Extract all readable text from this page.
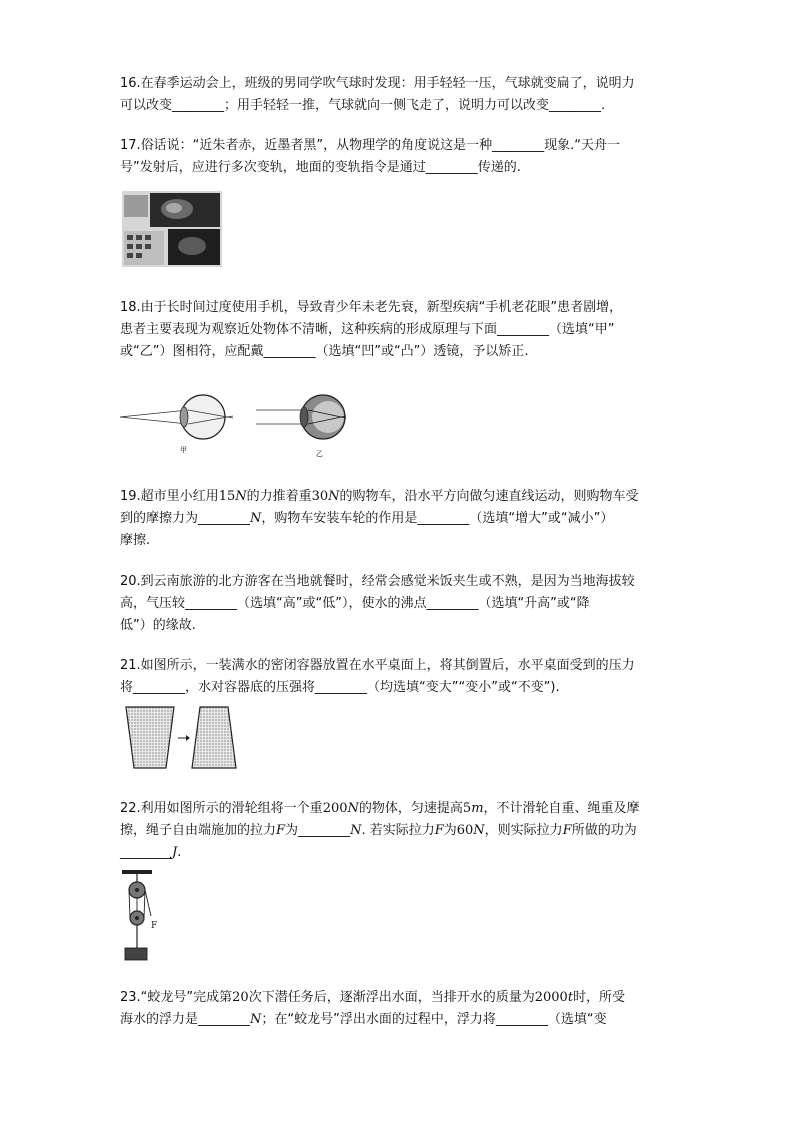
16.在春季运动会上，班级的男同学吹气球时发现：用手轻轻一压，气球就变扁了，说明力

可以改变________；用手轻轻一推，气球就向一侧飞走了，说明力可以改变________.

17.俗话说：“近朱者赤，近墨者黑”，从物理学的角度说这是一种________现象.“天舟一

号”发射后，应进行多次变轨，地面的变轨指令是通过________传递的.

18.由于长时间过度使用手机，导致青少年未老先衰，新型疾病“手机老花眼”患者剧增，

患者主要表现为观察近处物体不清晰，这种疾病的形成原理与下面________（选填“甲”

或“乙”）图相符，应配戴________（选填“凹”或“凸”）透镜，予以矫正.

甲	乙

19.超市里小红用15N的力推着重30N的购物车，沿水平方向做匀速直线运动，则购物车受

到的摩擦力为________N，购物车安装车轮的作用是________（选填“增大”或“减小”）

摩擦.

20.到云南旅游的北方游客在当地就餐时，经常会感觉米饭夹生或不熟，是因为当地海拔较

高，气压较________（选填“高”或“低”），使水的沸点________（选填“升高”或“降

低”）的缘故.

21.如图所示，一装满水的密闭容器放置在水平桌面上，将其倒置后，水平桌面受到的压力

将________，水对容器底的压强将________（均选填“变大”“变小”或“不变”).

22.利用如图所示的滑轮组将一个重200N的物体，匀速提高5m，不计滑轮自重、绳重及摩

擦，绳子自由端施加的拉力F为________N. 若实际拉力F为60N，则实际拉力F所做的功为

________J.

F

23.“蛟龙号”完成第20次下潜任务后，逐渐浮出水面，当排开水的质量为2000t时，所受

海水的浮力是________N；在“蛟龙号”浮出水面的过程中，浮力将________（选填“变
